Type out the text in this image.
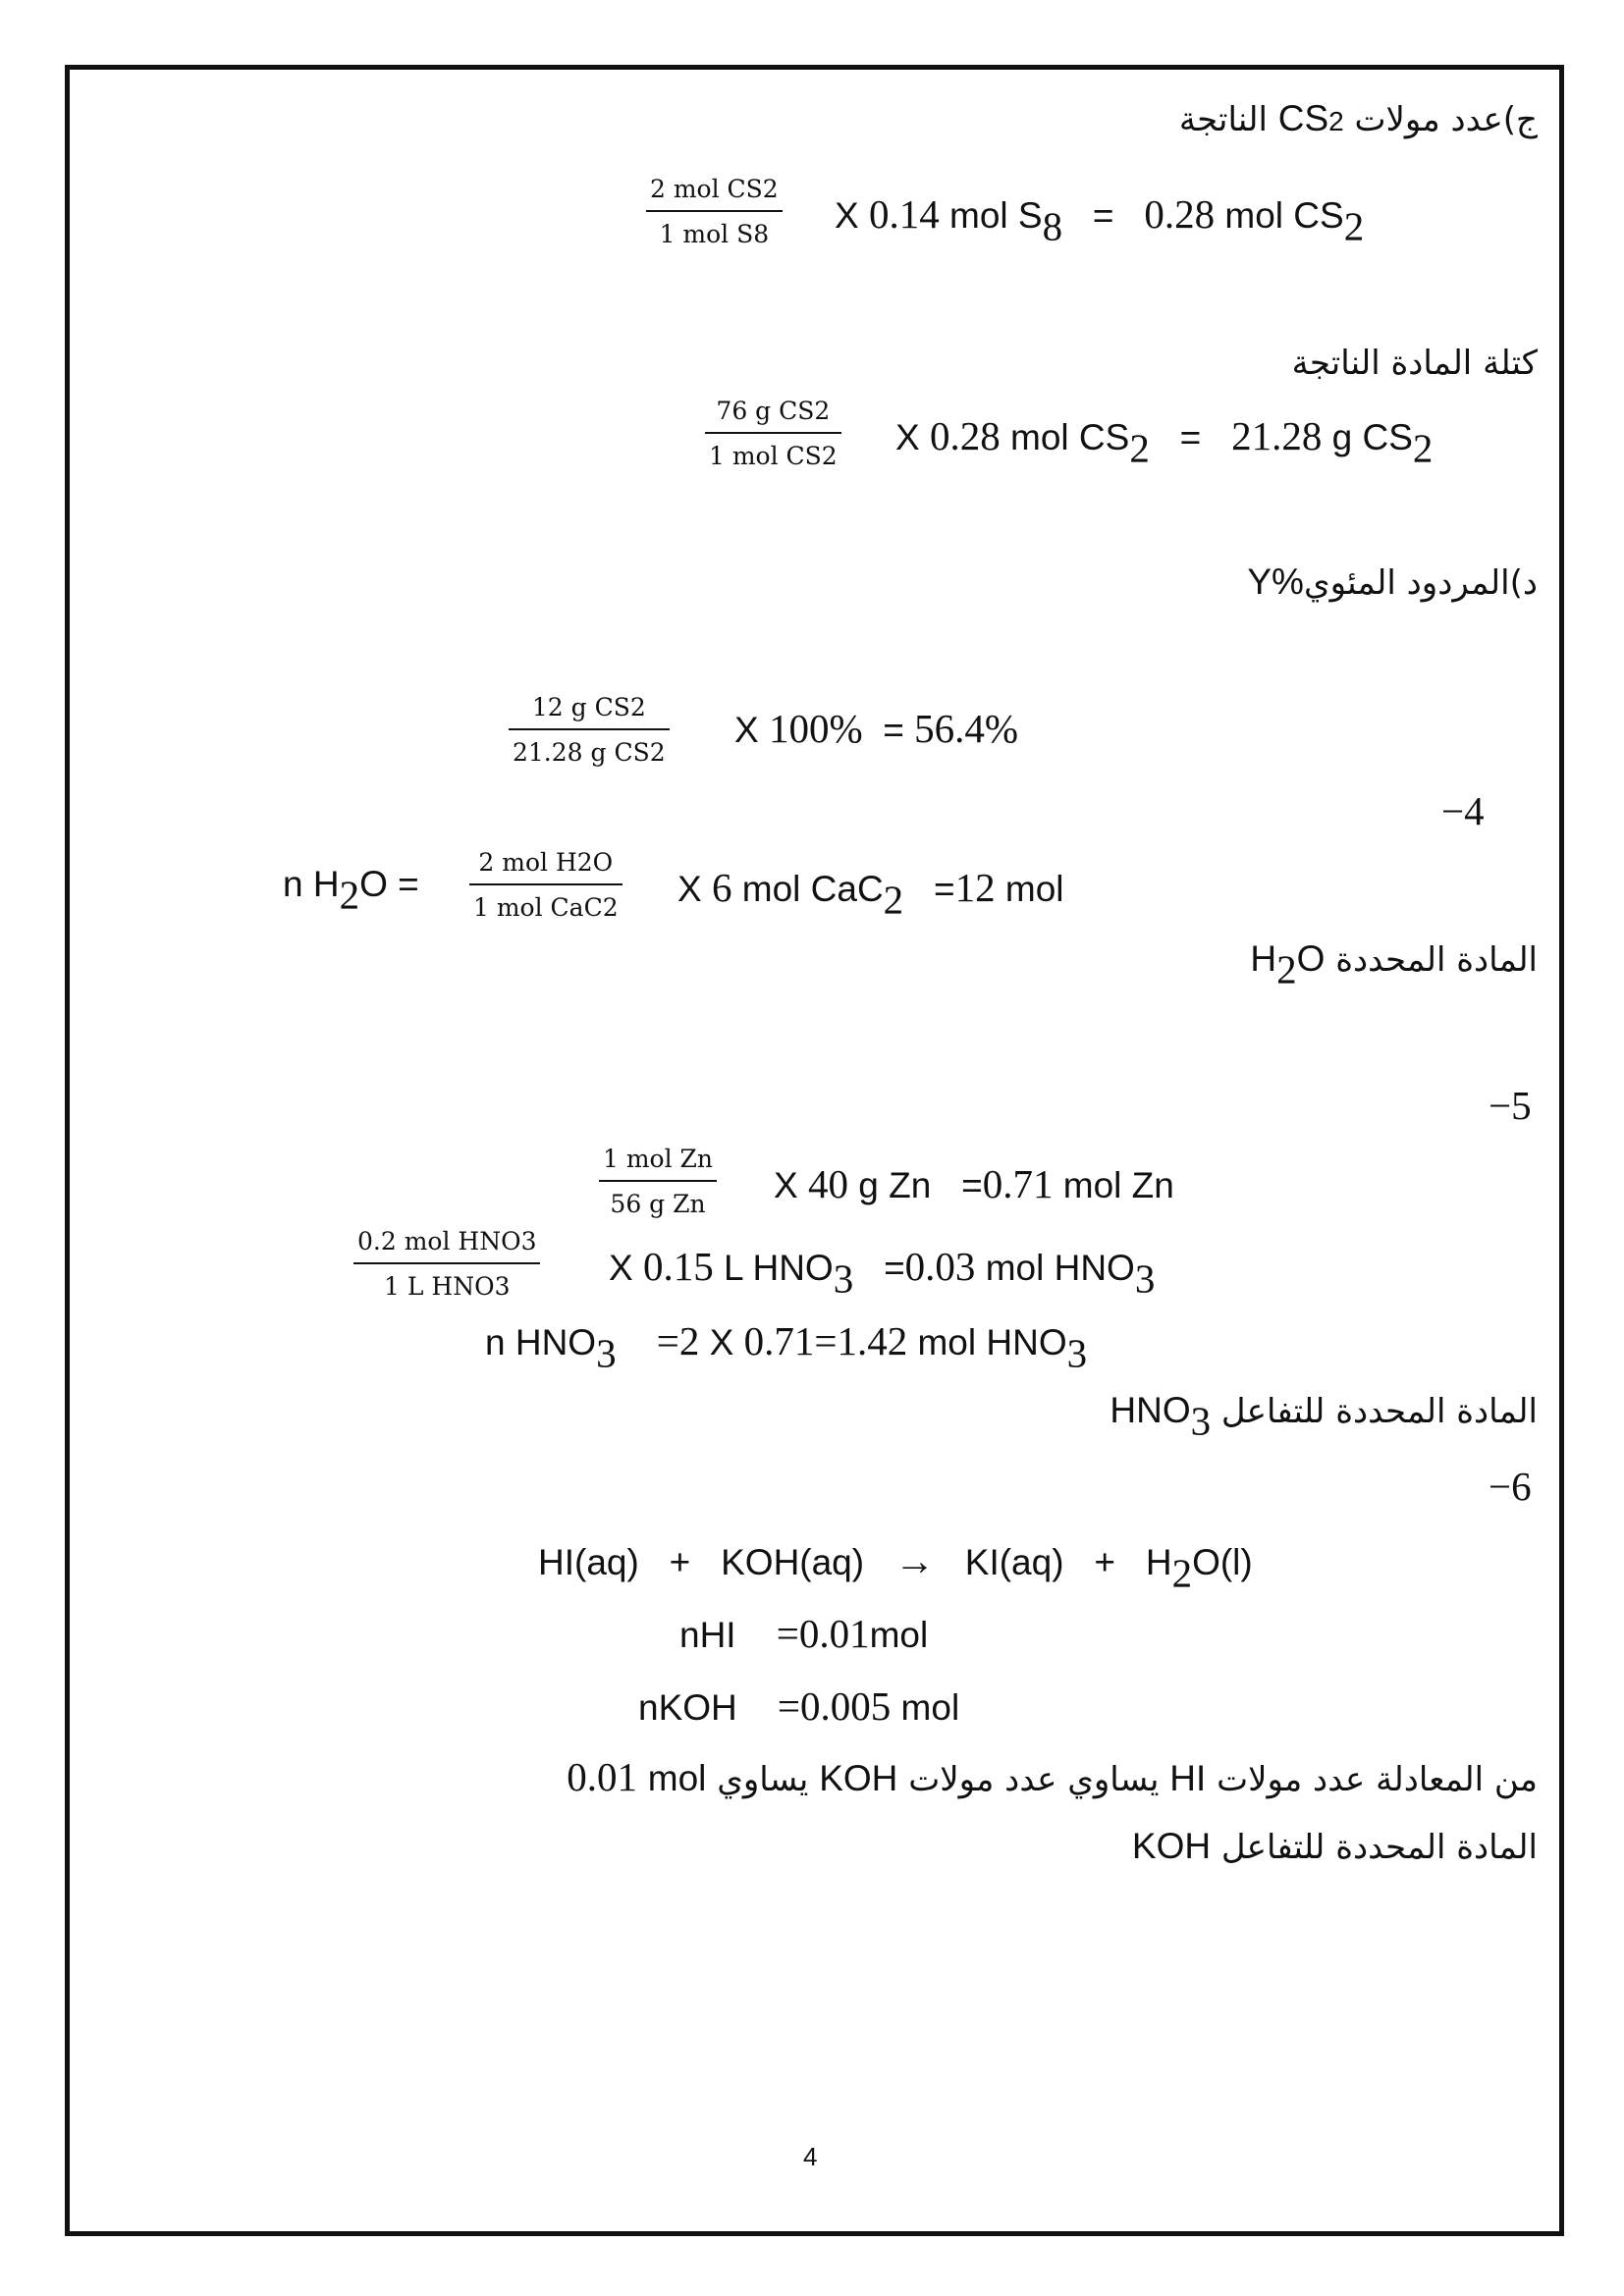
ج)عدد مولات CS2 الناتجة
2 mol CS2
1 mol S8	X 0.14 mol $S_8 = 0.28$ mol $CS_2$
كتلة المادة الناتجة
76 g CS2
1 mol CS2 X 0.28 mol $CS_2 = 21.28$ g $CS_2$
د)المردود المئويY%
$\frac{\text{12 g CS2}}{\text{21.28 g CS2}}$ X 100% = 56.4%
−4
n $H_2O$ =
2 mol H2O
1 mol CaC2 X 6 mol CaC$_2$ =12 mol
المادة المحددة $H_2O$
−5
1 mol Zn
56 g Zn	X 40 g Zn =0.71 mol Zn
0.2 mol HNO3
1 L HNO3	X 0.15 L $HNO_3 =0.03$ mol $HNO_3$
n $HNO_3 =2$ X 0.71=1.42 mol $HNO_3$
المادة المحددة للتفاعل $HNO_3$
−6
$HI(aq) + KOH(aq) \to KI(aq) + H_2O(l)$
nHI =0.01mol
nKOH =0.005 mol
من المعادلة عدد مولات HI يساوي عدد مولات KOH يساوي mol 0.01
المادة المحددة للتفاعل KOH
4
